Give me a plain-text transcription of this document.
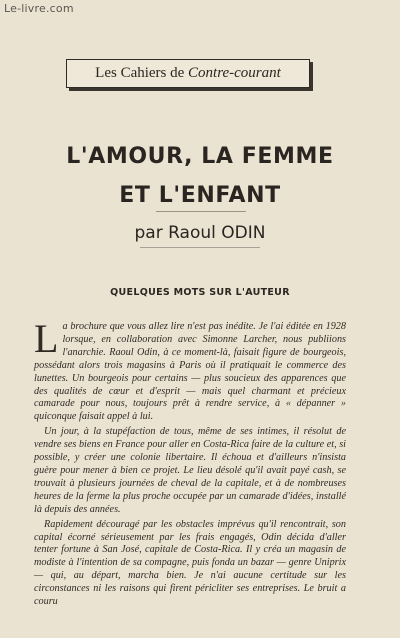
Le-livre.com
Les Cahiers de Contre-courant
L'AMOUR, LA FEMME
ET L'ENFANT
par Raoul ODIN
QUELQUES MOTS SUR L'AUTEUR

La brochure que vous allez lire n'est pas inédite. Je l'ai éditée en 1928 lorsque, en collaboration avec Simonne Larcher, nous publiions l'anarchie. Raoul Odin, à ce moment-là, faisait figure de bourgeois, possédant alors trois magasins à Paris où il pratiquait le commerce des lunettes. Un bourgeois pour certains — plus soucieux des apparences que des qualités de cœur et d'esprit — mais quel charmant et précieux camarade pour nous, toujours prêt à rendre service, à « dépanner » quiconque faisait appel à lui.

Un jour, à la stupéfaction de tous, même de ses intimes, il résolut de vendre ses biens en France pour aller en Costa-Rica faire de la culture et, si possible, y créer une colonie libertaire. Il échoua et d'ailleurs n'insista guère pour mener à bien ce projet. Le lieu désolé qu'il avait payé cash, se trouvait à plusieurs journées de cheval de la capitale, et à de nombreuses heures de la ferme la plus proche occupée par un camarade d'idées, installé là depuis des années.

Rapidement découragé par les obstacles imprévus qu'il rencontrait, son capital écorné sérieusement par les frais engagés, Odin décida d'aller tenter fortune à San José, capitale de Costa-Rica. Il y créa un magasin de modiste à l'intention de sa compagne, puis fonda un bazar — genre Uniprix — qui, au départ, marcha bien. Je n'ai aucune certitude sur les circonstances ni les raisons qui firent péricliter ses entreprises. Le bruit a couru
